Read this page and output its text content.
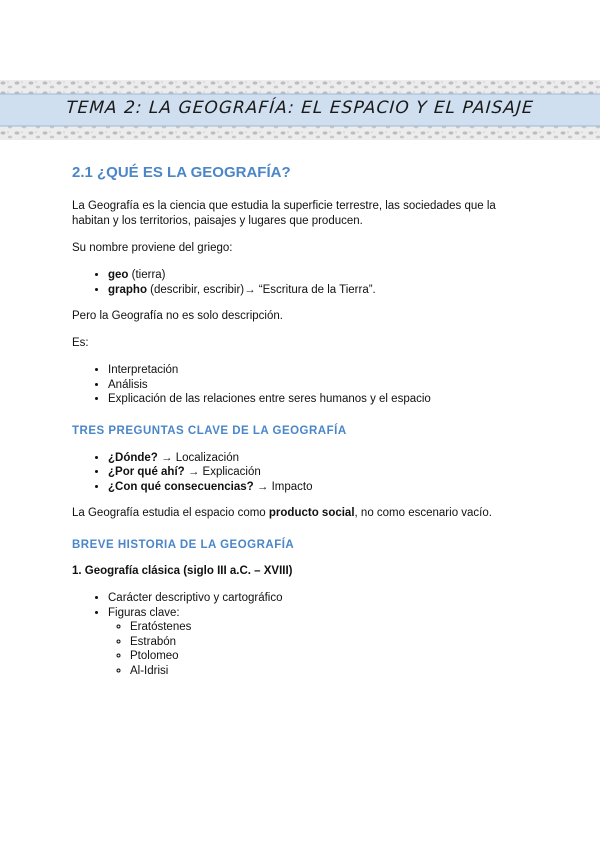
TEMA 2: LA GEOGRAFÍA: EL ESPACIO Y EL PAISAJE
2.1 ¿QUÉ ES LA GEOGRAFÍA?

La Geografía es la ciencia que estudia la superficie terrestre, las sociedades que la habitan y los territorios, paisajes y lugares que producen.

Su nombre proviene del griego:

• geo (tierra)
• grapho (describir, escribir)→ “Escritura de la Tierra”.

Pero la Geografía no es solo descripción.

Es:

• Interpretación
• Análisis
• Explicación de las relaciones entre seres humanos y el espacio
TRES PREGUNTAS CLAVE DE LA GEOGRAFÍA
• ¿Dónde? → Localización
• ¿Por qué ahí? → Explicación
• ¿Con qué consecuencias? → Impacto

La Geografía estudia el espacio como producto social, no como escenario vacío.

BREVE HISTORIA DE LA GEOGRAFÍA
1. Geografía clásica (siglo III a.C. – XVIII)
• Carácter descriptivo y cartográfico
• Figuras clave:
◦ Eratóstenes
◦ Estrabón
◦ Ptolomeo
◦ Al-Idrisi
